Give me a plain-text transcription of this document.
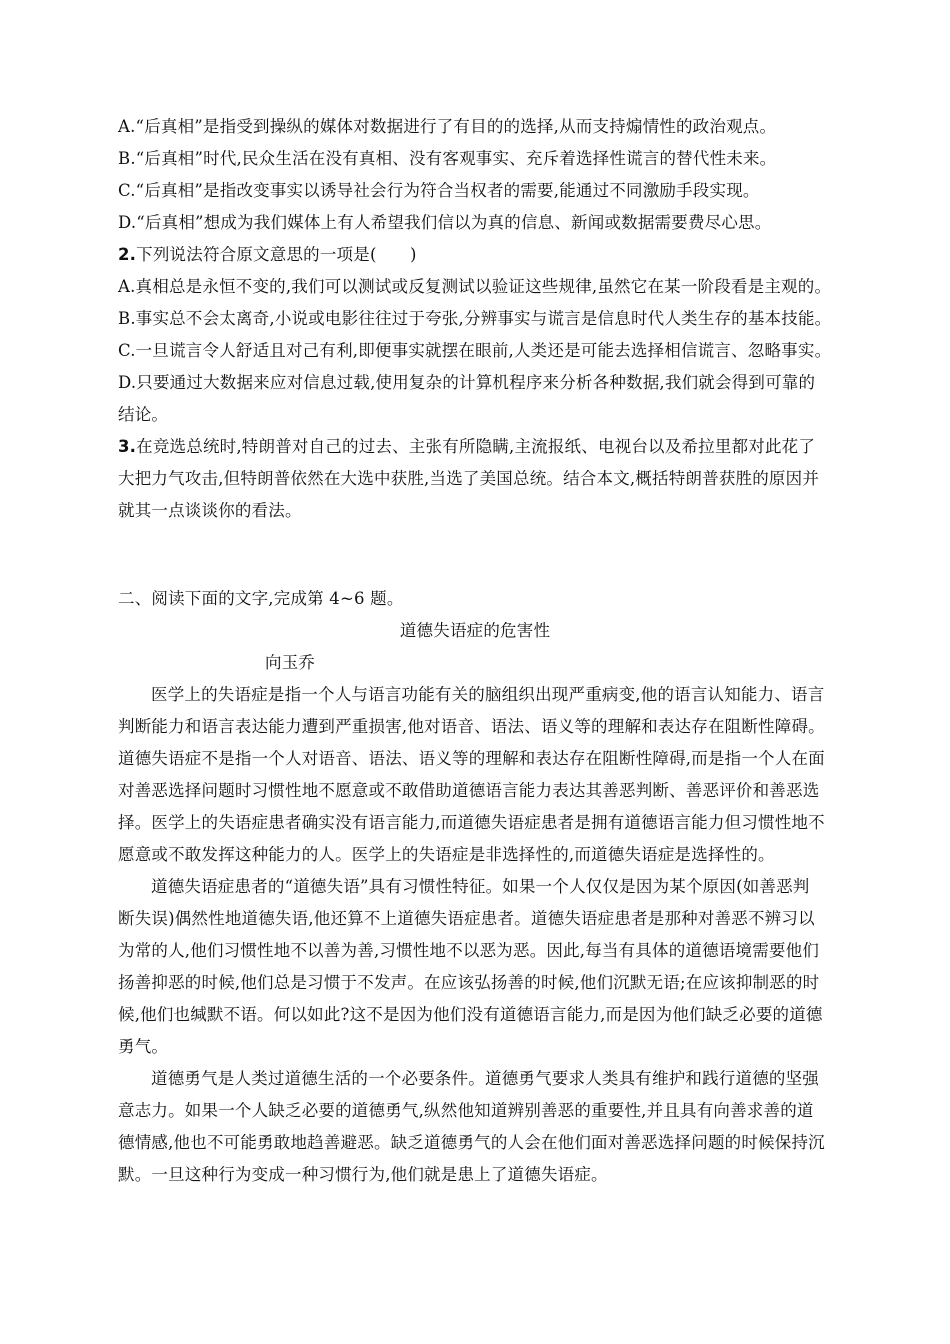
A.“后真相”是指受到操纵的媒体对数据进行了有目的的选择,从而支持煽情性的政治观点。
B.“后真相”时代,民众生活在没有真相、没有客观事实、充斥着选择性谎言的替代性未来。
C.“后真相”是指改变事实以诱导社会行为符合当权者的需要,能通过不同激励手段实现。
D.“后真相”想成为我们媒体上有人希望我们信以为真的信息、新闻或数据需要费尽心思。
2.下列说法符合原文意思的一项是(　　)
A.真相总是永恒不变的,我们可以测试或反复测试以验证这些规律,虽然它在某一阶段看是主观的。
B.事实总不会太离奇,小说或电影往往过于夸张,分辨事实与谎言是信息时代人类生存的基本技能。
C.一旦谎言令人舒适且对己有利,即便事实就摆在眼前,人类还是可能去选择相信谎言、忽略事实。
D.只要通过大数据来应对信息过载,使用复杂的计算机程序来分析各种数据,我们就会得到可靠的
结论。
3.在竞选总统时,特朗普对自己的过去、主张有所隐瞒,主流报纸、电视台以及希拉里都对此花了
大把力气攻击,但特朗普依然在大选中获胜,当选了美国总统。结合本文,概括特朗普获胜的原因并
就其一点谈谈你的看法。
二、阅读下面的文字,完成第 4~6 题。
道德失语症的危害性
向玉乔
医学上的失语症是指一个人与语言功能有关的脑组织出现严重病变,他的语言认知能力、语言
判断能力和语言表达能力遭到严重损害,他对语音、语法、语义等的理解和表达存在阻断性障碍。
道德失语症不是指一个人对语音、语法、语义等的理解和表达存在阻断性障碍,而是指一个人在面
对善恶选择问题时习惯性地不愿意或不敢借助道德语言能力表达其善恶判断、善恶评价和善恶选
择。医学上的失语症患者确实没有语言能力,而道德失语症患者是拥有道德语言能力但习惯性地不
愿意或不敢发挥这种能力的人。医学上的失语症是非选择性的,而道德失语症是选择性的。
道德失语症患者的“道德失语”具有习惯性特征。如果一个人仅仅是因为某个原因(如善恶判
断失误)偶然性地道德失语,他还算不上道德失语症患者。道德失语症患者是那种对善恶不辨习以
为常的人,他们习惯性地不以善为善,习惯性地不以恶为恶。因此,每当有具体的道德语境需要他们
扬善抑恶的时候,他们总是习惯于不发声。在应该弘扬善的时候,他们沉默无语;在应该抑制恶的时
候,他们也缄默不语。何以如此?这不是因为他们没有道德语言能力,而是因为他们缺乏必要的道德
勇气。
道德勇气是人类过道德生活的一个必要条件。道德勇气要求人类具有维护和践行道德的坚强
意志力。如果一个人缺乏必要的道德勇气,纵然他知道辨别善恶的重要性,并且具有向善求善的道
德情感,他也不可能勇敢地趋善避恶。缺乏道德勇气的人会在他们面对善恶选择问题的时候保持沉
默。一旦这种行为变成一种习惯行为,他们就是患上了道德失语症。
